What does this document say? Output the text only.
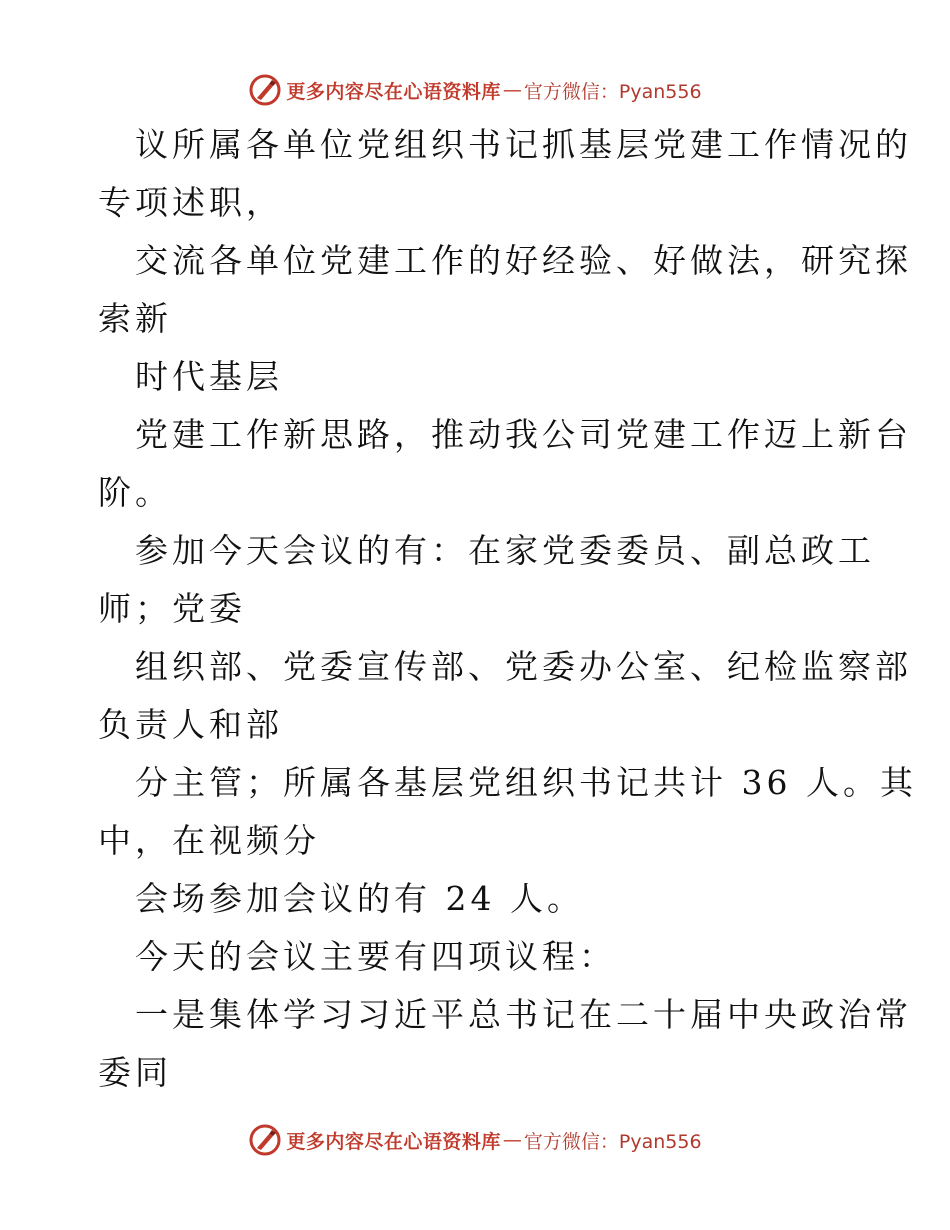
更多内容尽在心语资料库 — 官方微信：Pyan556
议所属各单位党组织书记抓基层党建工作情况的
专项述职，
交流各单位党建工作的好经验、好做法，研究探
索新
时代基层
党建工作新思路，推动我公司党建工作迈上新台
阶。
参加今天会议的有：在家党委委员、副总政工
师；党委
组织部、党委宣传部、党委办公室、纪检监察部
负责人和部
分主管；所属各基层党组织书记共计 36 人。其
中，在视频分
会场参加会议的有 24 人。
今天的会议主要有四项议程：
一是集体学习习近平总书记在二十届中央政治常
委同
更多内容尽在心语资料库 — 官方微信：Pyan556
